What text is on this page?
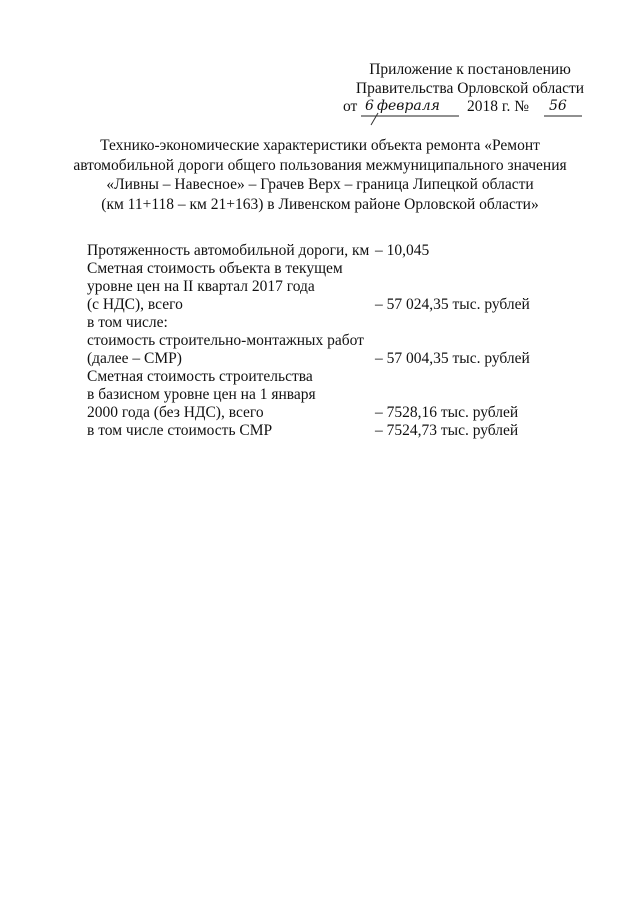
Приложение к постановлению
Правительства Орловской области
от 6 февраля 2018 г. № 56
Технико-экономические характеристики объекта ремонта «Ремонт
автомобильной дороги общего пользования межмуниципального значения
«Ливны – Навесное» – Грачев Верх – граница Липецкой области
(км 11+118 – км 21+163) в Ливенском районе Орловской области»
Протяженность автомобильной дороги, км – 10,045
Сметная стоимость объекта в текущем
уровне цен на II квартал 2017 года
(с НДС), всего	– 57 024,35 тыс. рублей
в том числе:
стоимость строительно-монтажных работ
(далее – СМР)	– 57 004,35 тыс. рублей
Сметная стоимость строительства
в базисном уровне цен на 1 января
2000 года (без НДС), всего	– 7528,16 тыс. рублей
в том числе стоимость СМР	– 7524,73 тыс. рублей
